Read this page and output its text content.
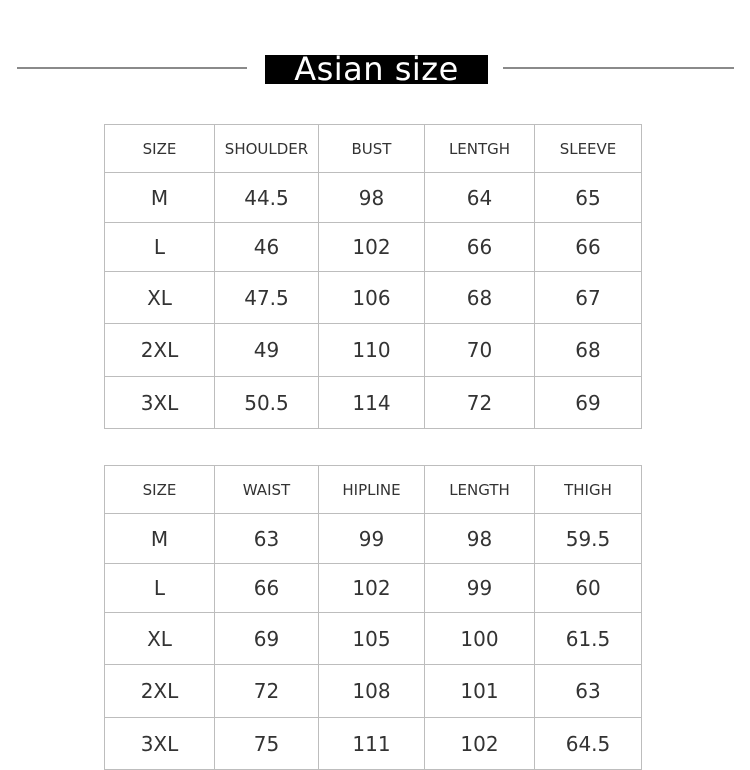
Asian size
SIZE	SHOULDER	BUST	LENTGH	SLEEVE
M	44.5	98	64	65
L	46	102	66	66
XL	47.5	106	68	67
2XL	49	110	70	68
3XL	50.5	114	72	69
SIZE	WAIST	HIPLINE	LENGTH	THIGH
M	63	99	98	59.5
L	66	102	99	60
XL	69	105	100	61.5
2XL	72	108	101	63
3XL	75	111	102	64.5
